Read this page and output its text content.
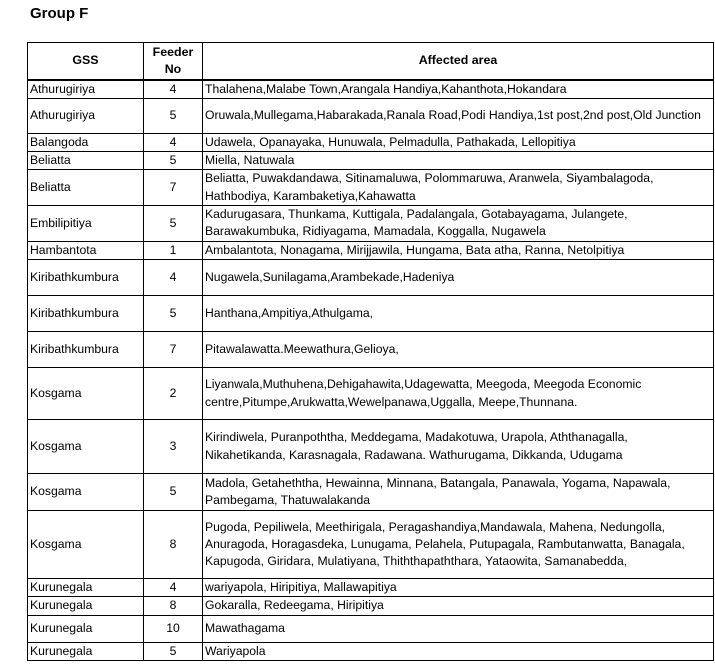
Group F
GSS	Feeder No	Affected area
Athurugiriya	4	Thalahena,Malabe Town,Arangala Handiya,Kahanthota,Hokandara
Athurugiriya	5	Oruwala,Mullegama,Habarakada,Ranala Road,Podi Handiya,1st post,2nd post,Old Junction
Balangoda	4	Udawela, Opanayaka, Hunuwala, Pelmadulla, Pathakada, Lellopitiya
Beliatta	5	Miella, Natuwala
Beliatta	7	Beliatta, Puwakdandawa, Sitinamaluwa, Polommaruwa, Aranwela, Siyambalagoda, Hathbodiya, Karambaketiya,Kahawatta
Embilipitiya	5	Kadurugasara, Thunkama, Kuttigala, Padalangala, Gotabayagama, Julangete, Barawakumbuka, Ridiyagama, Mamadala, Koggalla, Nugawela
Hambantota	1	Ambalantota, Nonagama, Mirijjawila, Hungama, Bata atha, Ranna, Netolpitiya
Kiribathkumbura	4	Nugawela,Sunilagama,Arambekade,Hadeniya
Kiribathkumbura	5	Hanthana,Ampitiya,Athulgama,
Kiribathkumbura	7	Pitawalawatta.Meewathura,Gelioya,
Kosgama	2	Liyanwala,Muthuhena,Dehigahawita,Udagewatta, Meegoda, Meegoda Economic centre,Pitumpe,Arukwatta,Wewelpanawa,Uggalla, Meepe,Thunnana.
Kosgama	3	Kirindiwela, Puranpoththa, Meddegama, Madakotuwa, Urapola, Aththanagalla, Nikahetikanda, Karasnagala, Radawana. Wathurugama, Dikkanda, Udugama
Kosgama	5	Madola, Getaheththa, Hewainna, Minnana, Batangala, Panawala, Yogama, Napawala, Pambegama, Thatuwalakanda
Kosgama	8	Pugoda, Pepiliwela, Meethirigala, Peragashandiya,Mandawala, Mahena, Nedungolla, Anuragoda, Horagasdeka, Lunugama, Pelahela, Putupagala, Rambutanwatta, Banagala, Kapugoda, Giridara, Mulatiyana, Thiththapaththara, Yataowita, Samanabedda,
Kurunegala	4	wariyapola, Hiripitiya, Mallawapitiya
Kurunegala	8	Gokaralla, Redeegama, Hiripitiya
Kurunegala	10	Mawathagama
Kurunegala	5	Wariyapola
